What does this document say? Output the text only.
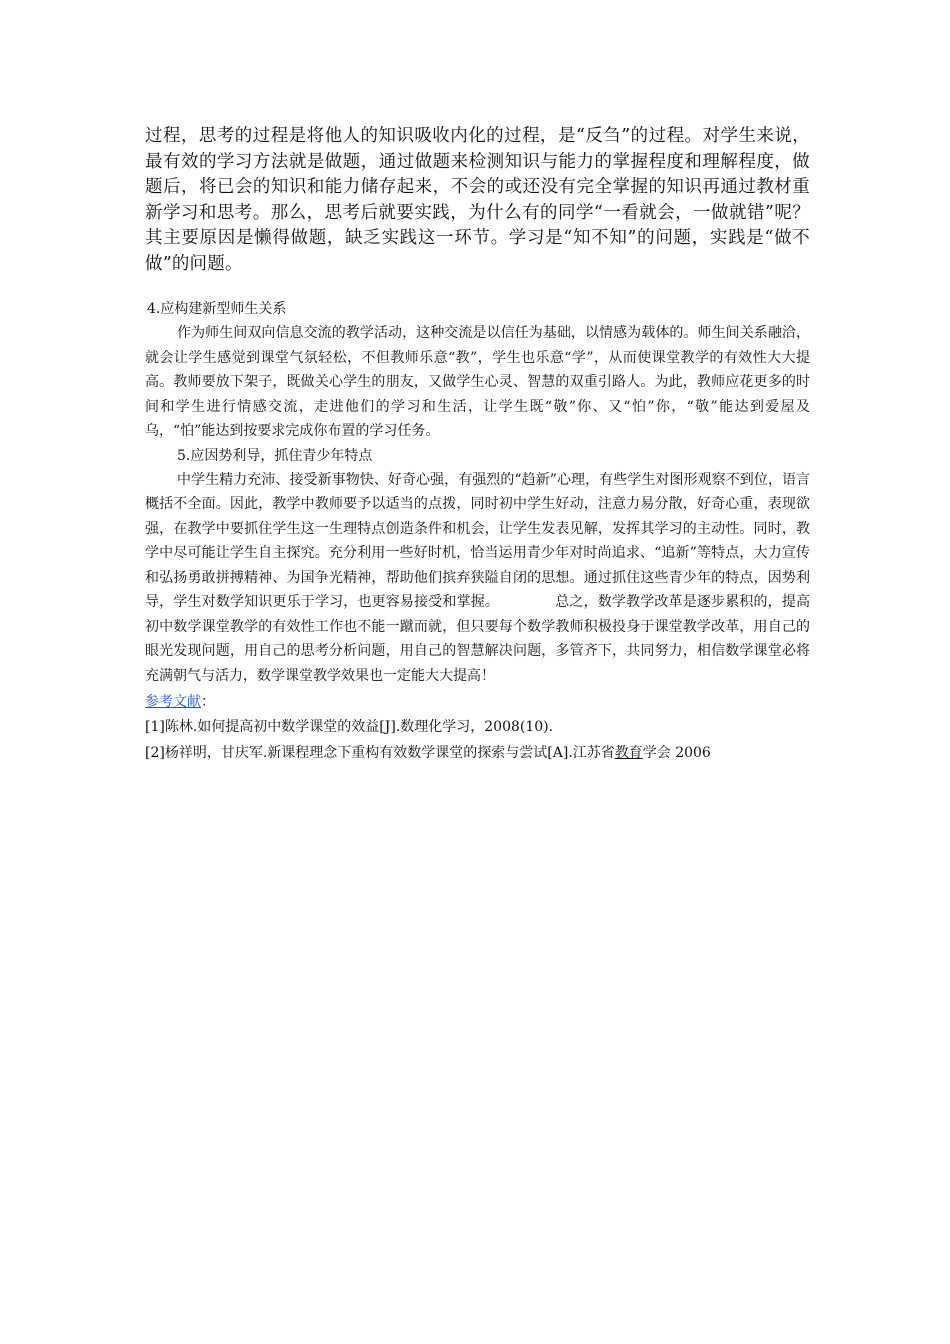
过程，思考的过程是将他人的知识吸收内化的过程，是“反刍”的过程。对学生来说，最有效的学习方法就是做题，通过做题来检测知识与能力的掌握程度和理解程度，做题后，将已会的知识和能力储存起来，不会的或还没有完全掌握的知识再通过教材重新学习和思考。那么，思考后就要实践，为什么有的同学“一看就会，一做就错”呢？其主要原因是懒得做题，缺乏实践这一环节。学习是“知不知”的问题，实践是“做不做”的问题。

4.应构建新型师生关系

作为师生间双向信息交流的教学活动，这种交流是以信任为基础，以情感为载体的。师生间关系融洽，就会让学生感觉到课堂气氛轻松，不但教师乐意“教”，学生也乐意“学”，从而使课堂教学的有效性大大提高。教师要放下架子，既做关心学生的朋友，又做学生心灵、智慧的双重引路人。为此，教师应花更多的时间和学生进行情感交流，走进他们的学习和生活，让学生既“敬”你、又“怕”你，“敬”能达到爱屋及乌，“怕”能达到按要求完成你布置的学习任务。

5.应因势利导，抓住青少年特点

中学生精力充沛、接受新事物快、好奇心强，有强烈的“趋新”心理，有些学生对图形观察不到位，语言概括不全面。因此，教学中教师要予以适当的点拨，同时初中学生好动，注意力易分散，好奇心重，表现欲强，在教学中要抓住学生这一生理特点创造条件和机会，让学生发表见解，发挥其学习的主动性。同时，教学中尽可能让学生自主探究。充分利用一些好时机，恰当运用青少年对时尚追求、“追新”等特点，大力宣传和弘扬勇敢拼搏精神、为国争光精神，帮助他们摈弃狭隘自闭的思想。通过抓住这些青少年的特点，因势利导，学生对数学知识更乐于学习，也更容易接受和掌握。	总之，数学教学改革是逐步累积的，提高初中数学课堂教学的有效性工作也不能一蹴而就，但只要每个数学教师积极投身于课堂教学改革，用自己的眼光发现问题，用自己的思考分析问题，用自己的智慧解决问题，多管齐下，共同努力，相信数学课堂必将充满朝气与活力，数学课堂教学效果也一定能大大提高！

参考文献：

[1]陈林.如何提高初中数学课堂的效益[J].数理化学习，2008(10).

[2]杨祥明，甘庆军.新课程理念下重构有效数学课堂的探索与尝试[A].江苏省教育学会 2006
